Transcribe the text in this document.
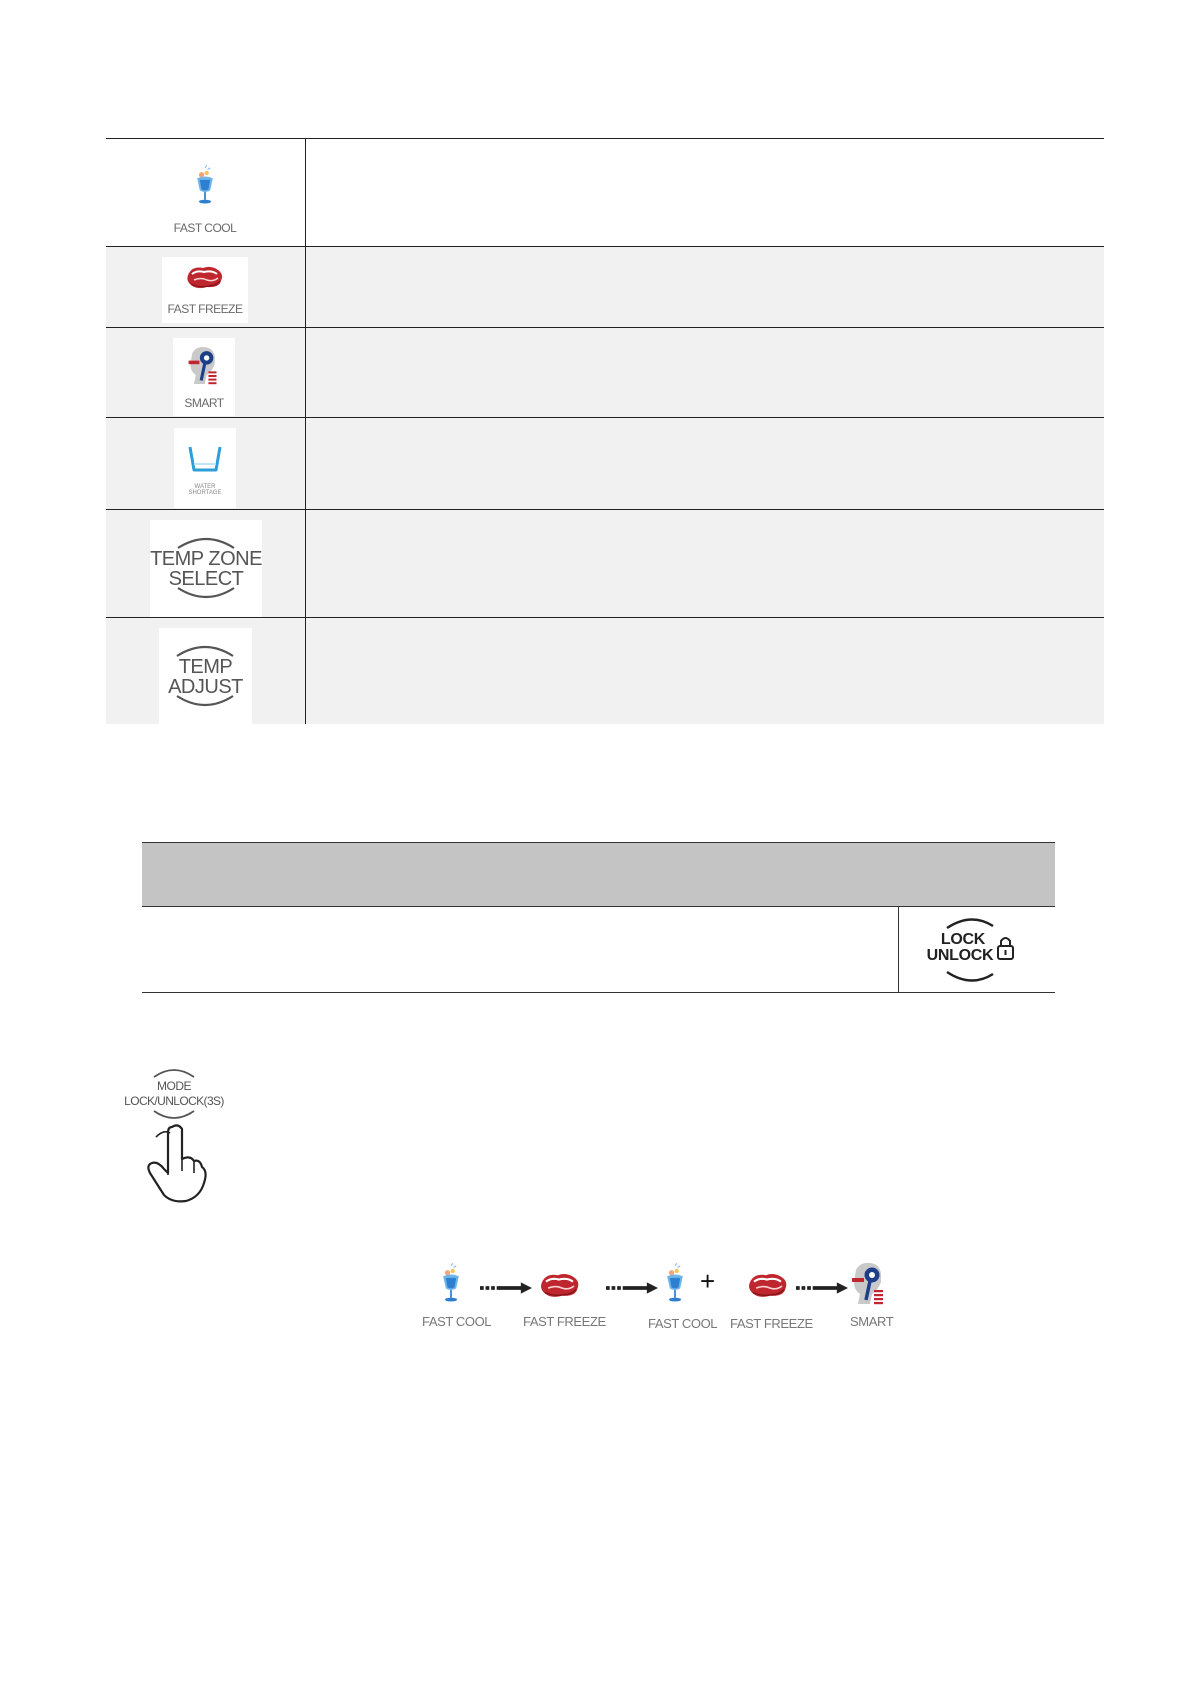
FAST COOL
FAST FREEZE
SMART
WATER SHORTAGE
TEMP ZONE
SELECT
TEMP
ADJUST
LOCK
UNLOCK
MODE
LOCK/UNLOCK(3S)
FAST COOL FAST FREEZE	FAST COOL
+
FAST FREEZE	SMART
